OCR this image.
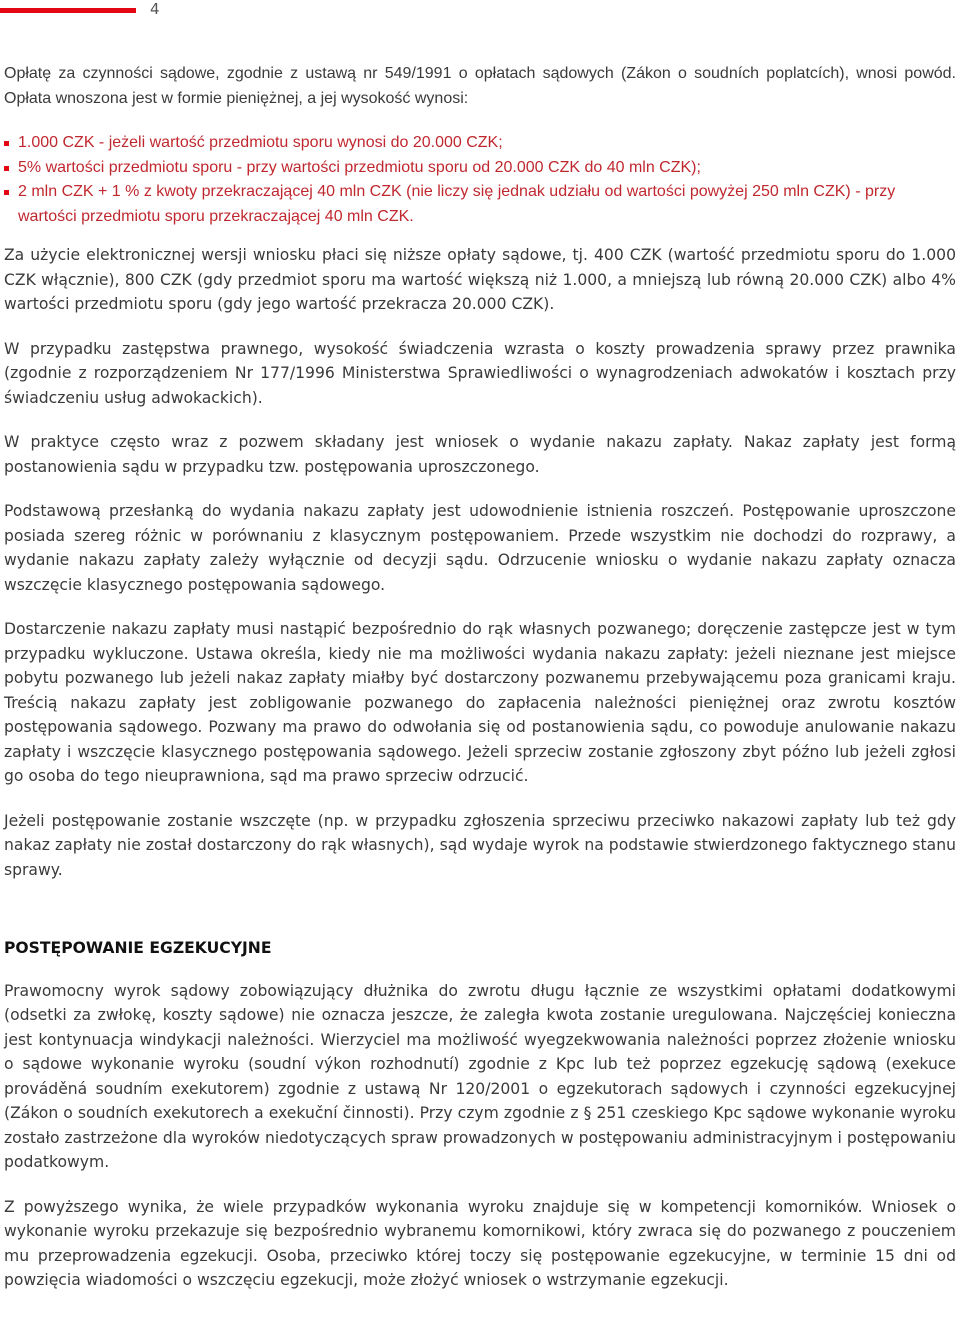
4

Opłatę za czynności sądowe, zgodnie z ustawą nr 549/1991 o opłatach sądowych (Zákon o soudních poplatcích), wnosi powód. Opłata wnoszona jest w formie pieniężnej, a jej wysokość wynosi:

1.000 CZK - jeżeli wartość przedmiotu sporu wynosi do 20.000 CZK;
5% wartości przedmiotu sporu - przy wartości przedmiotu sporu od 20.000 CZK do 40 mln CZK);
2 mln CZK + 1 % z kwoty przekraczającej 40 mln CZK (nie liczy się jednak udziału od wartości powyżej 250 mln CZK) - przy wartości przedmiotu sporu przekraczającej 40 mln CZK.

Za użycie elektronicznej wersji wniosku płaci się niższe opłaty sądowe, tj. 400 CZK (wartość przedmiotu sporu do 1.000 CZK włącznie), 800 CZK (gdy przedmiot sporu ma wartość większą niż 1.000, a mniejszą lub równą 20.000 CZK) albo 4% wartości przedmiotu sporu (gdy jego wartość przekracza 20.000 CZK).

W przypadku zastępstwa prawnego, wysokość świadczenia wzrasta o koszty prowadzenia sprawy przez prawnika (zgodnie z rozporządzeniem Nr 177/1996 Ministerstwa Sprawiedliwości o wynagrodzeniach adwokatów i kosztach przy świadczeniu usług adwokackich).

W praktyce często wraz z pozwem składany jest wniosek o wydanie nakazu zapłaty. Nakaz zapłaty jest formą postanowienia sądu w przypadku tzw. postępowania uproszczonego.

Podstawową przesłanką do wydania nakazu zapłaty jest udowodnienie istnienia roszczeń. Postępowanie uproszczone posiada szereg różnic w porównaniu z klasycznym postępowaniem. Przede wszystkim nie dochodzi do rozprawy, a wydanie nakazu zapłaty zależy wyłącznie od decyzji sądu. Odrzucenie wniosku o wydanie nakazu zapłaty oznacza wszczęcie klasycznego postępowania sądowego.

Dostarczenie nakazu zapłaty musi nastąpić bezpośrednio do rąk własnych pozwanego; doręczenie zastępcze jest w tym przypadku wykluczone. Ustawa określa, kiedy nie ma możliwości wydania nakazu zapłaty: jeżeli nieznane jest miejsce pobytu pozwanego lub jeżeli nakaz zapłaty miałby być dostarczony pozwanemu przebywającemu poza granicami kraju. Treścią nakazu zapłaty jest zobligowanie pozwanego do zapłacenia należności pieniężnej oraz zwrotu kosztów postępowania sądowego. Pozwany ma prawo do odwołania się od postanowienia sądu, co powoduje anulowanie nakazu zapłaty i wszczęcie klasycznego postępowania sądowego. Jeżeli sprzeciw zostanie zgłoszony zbyt późno lub jeżeli zgłosi go osoba do tego nieuprawniona, sąd ma prawo sprzeciw odrzucić.

Jeżeli postępowanie zostanie wszczęte (np. w przypadku zgłoszenia sprzeciwu przeciwko nakazowi zapłaty lub też gdy nakaz zapłaty nie został dostarczony do rąk własnych), sąd wydaje wyrok na podstawie stwierdzonego faktycznego stanu sprawy.

POSTĘPOWANIE EGZEKUCYJNE

Prawomocny wyrok sądowy zobowiązujący dłużnika do zwrotu długu łącznie ze wszystkimi opłatami dodatkowymi (odsetki za zwłokę, koszty sądowe) nie oznacza jeszcze, że zaległa kwota zostanie uregulowana. Najczęściej konieczna jest kontynuacja windykacji należności. Wierzyciel ma możliwość wyegzekwowania należności poprzez złożenie wniosku o sądowe wykonanie wyroku (soudní výkon rozhodnutí) zgodnie z Kpc lub też poprzez egzekucję sądową (exekuce prováděná soudním exekutorem) zgodnie z ustawą Nr 120/2001 o egzekutorach sądowych i czynności egzekucyjnej (Zákon o soudních exekutorech a exekuční činnosti). Przy czym zgodnie z § 251 czeskiego Kpc sądowe wykonanie wyroku zostało zastrzeżone dla wyroków niedotyczących spraw prowadzonych w postępowaniu administracyjnym i postępowaniu podatkowym.

Z powyższego wynika, że wiele przypadków wykonania wyroku znajduje się w kompetencji komorników. Wniosek o wykonanie wyroku przekazuje się bezpośrednio wybranemu komornikowi, który zwraca się do pozwanego z pouczeniem mu przeprowadzenia egzekucji. Osoba, przeciwko której toczy się postępowanie egzekucyjne, w terminie 15 dni od powzięcia wiadomości o wszczęciu egzekucji, może złożyć wniosek o wstrzymanie egzekucji.
